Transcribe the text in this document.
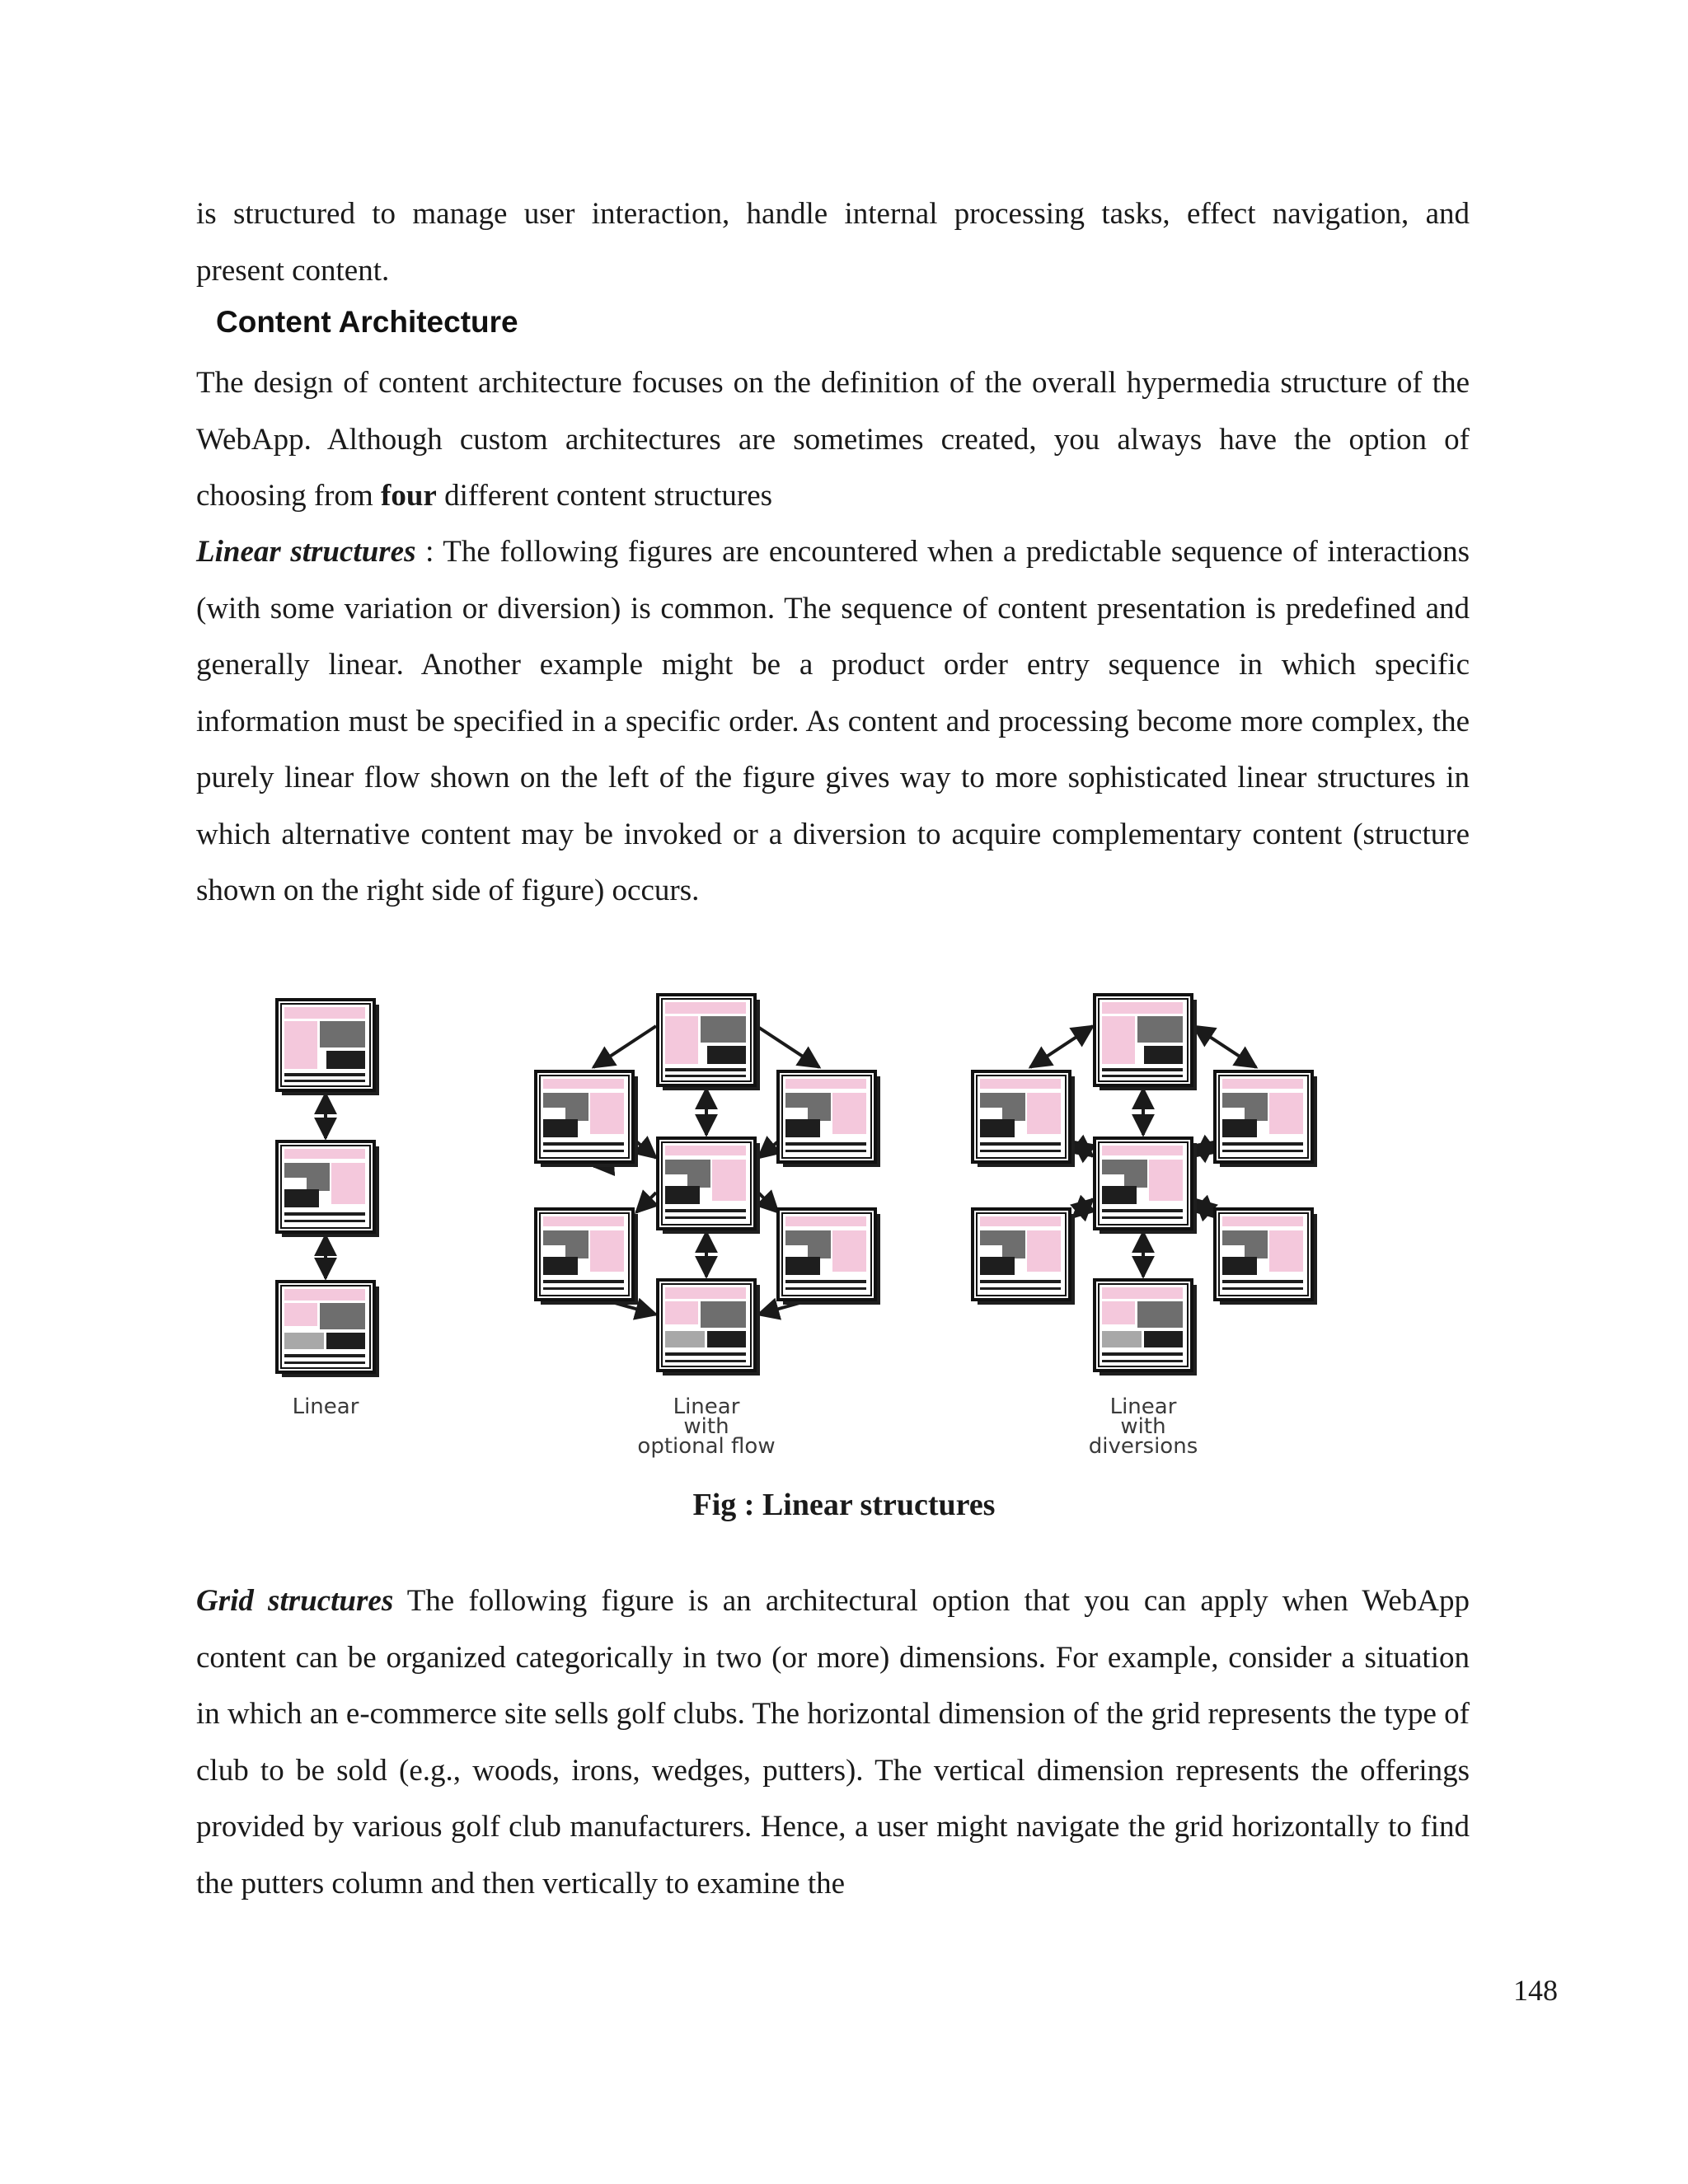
is structured to manage user interaction, handle internal processing tasks, effect navigation, and
present content.
Content Architecture
The design of content architecture focuses on the definition of the overall hypermedia structure of the WebApp. Although custom architectures are sometimes created, you always have the option of choosing from four different content structures
Linear structures : The following figures are encountered when a predictable sequence of interactions (with some variation or diversion) is common. The sequence of content presentation is predefined and generally linear. Another example might be a product order entry sequence in which specific information must be specified in a specific order. As content and processing become more complex, the purely linear flow shown on the left of the figure gives way to more sophisticated linear structures in which alternative content may be invoked or a diversion to acquire complementary content (structure shown on the right side of figure) occurs.
Linear	Linear with optional flow
Linear with diversions
Fig : Linear structures
Grid structures The following figure is an architectural option that you can apply when WebApp content can be organized categorically in two (or more) dimensions. For example, consider a situation in which an e-commerce site sells golf clubs. The horizontal dimension of the grid represents the type of club to be sold (e.g., woods, irons, wedges, putters). The vertical dimension represents the offerings provided by various golf club manufacturers. Hence, a user might navigate the grid horizontally to find the putters column and then vertically to examine the
148
